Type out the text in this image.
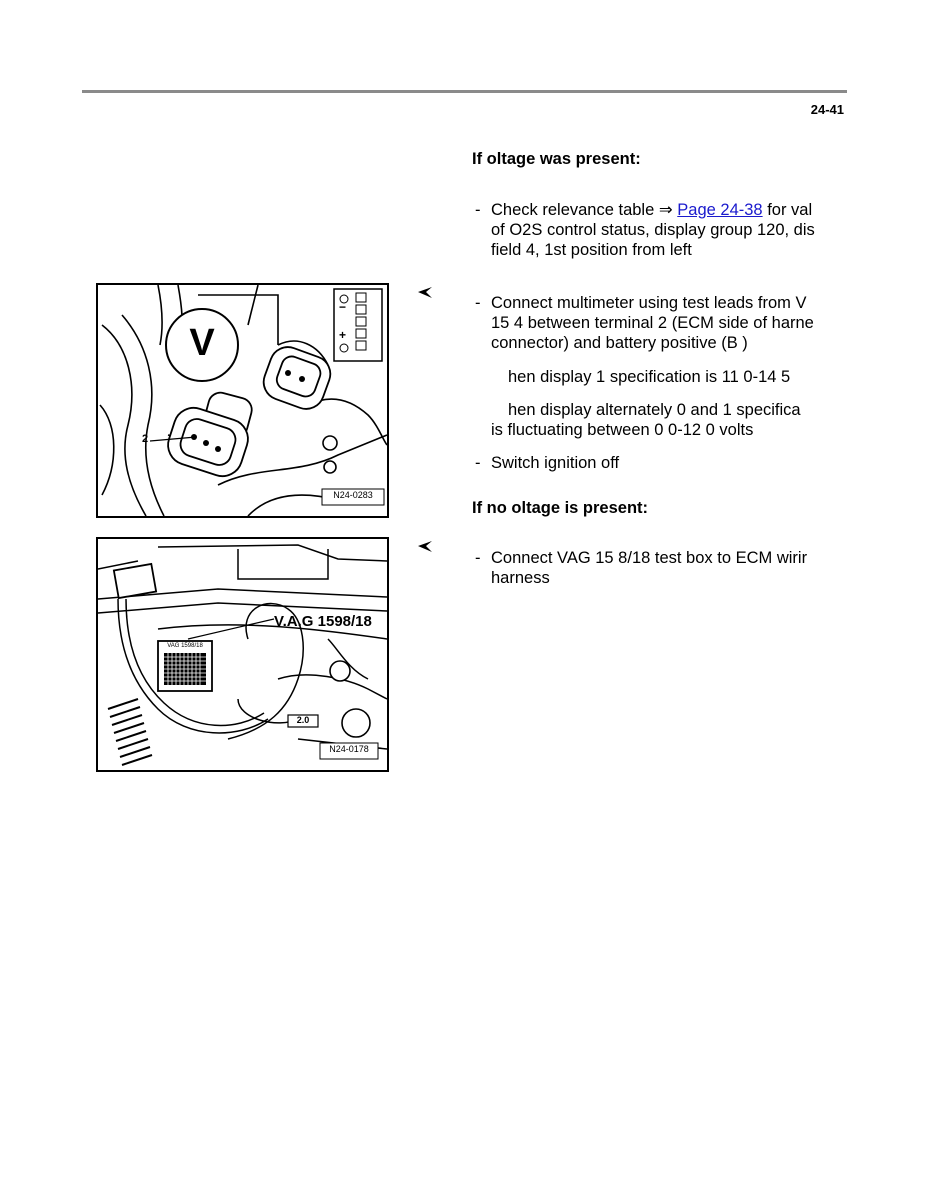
24-41
If oltage was present:
- Check relevance table ⇒ Page 24-38 for val
of O2S control status, display group 120, dis
field 4, 1st position from left
- Connect multimeter using test leads from V
15 4 between terminal 2 (ECM side of harne
connector) and battery positive (B )
hen display 1 specification is 11 0-14 5
hen display alternately 0 and 1 specifica
is fluctuating between 0 0-12 0 volts
- Switch ignition off
If no oltage is present:
- Connect VAG 15 8/18 test box to ECM wirir
harness
V
2
−
+
N24-0283
V.A.G 1598/18
VAG 1598/18
2.0
N24-0178
